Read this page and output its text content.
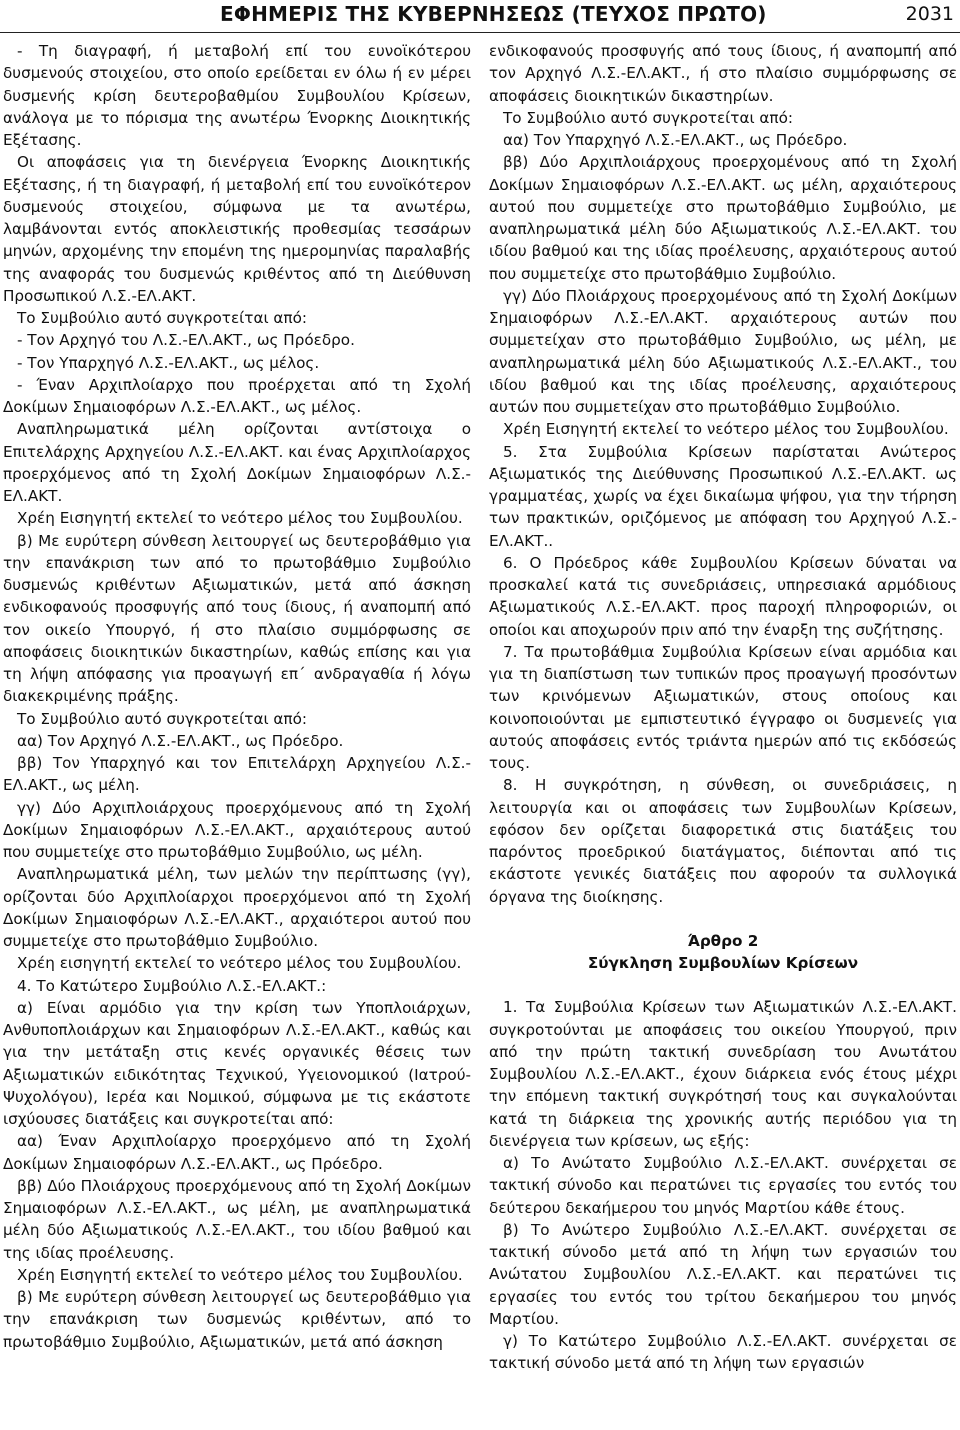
ΕΦΗΜΕΡΙΣ ΤΗΣ ΚΥΒΕΡΝΗΣΕΩΣ (ΤΕΥΧΟΣ ΠΡΩΤΟ)	2031

- Τη διαγραφή, ή μεταβολή επί του ευνοϊκότερου δυσμενούς στοιχείου, στο οποίο ερείδεται εν όλω ή εν μέρει δυσμενής κρίση δευτεροβαθμίου Συμβουλίου Κρίσεων, ανάλογα με το πόρισμα της ανωτέρω Ένορκης Διοικητικής Εξέτασης.

Οι αποφάσεις για τη διενέργεια Ένορκης Διοικητικής Εξέτασης, ή τη διαγραφή, ή μεταβολή επί του ευνοϊκότερον δυσμενούς στοιχείου, σύμφωνα με τα ανωτέρω, λαμβάνονται εντός αποκλειστικής προθεσμίας τεσσάρων μηνών, αρχομένης την επομένη της ημερομηνίας παραλαβής της αναφοράς του δυσμενώς κριθέντος από τη Διεύθυνση Προσωπικού Λ.Σ.-ΕΛ.ΑΚΤ.

Το Συμβούλιο αυτό συγκροτείται από:

- Τον Αρχηγό του Λ.Σ.-ΕΛ.ΑΚΤ., ως Πρόεδρο.

- Τον Υπαρχηγό Λ.Σ.-ΕΛ.ΑΚΤ., ως μέλος.

- Έναν Αρχιπλοίαρχο που προέρχεται από τη Σχολή Δοκίμων Σημαιοφόρων Λ.Σ.-ΕΛ.ΑΚΤ., ως μέλος.

Αναπληρωματικά μέλη ορίζονται αντίστοιχα ο Επιτελάρχης Αρχηγείου Λ.Σ.-ΕΛ.ΑΚΤ. και ένας Αρχιπλοίαρχος προερχόμενος από τη Σχολή Δοκίμων Σημαιοφόρων Λ.Σ.-ΕΛ.ΑΚΤ.

Χρέη Εισηγητή εκτελεί το νεότερο μέλος του Συμβουλίου.

β) Με ευρύτερη σύνθεση λειτουργεί ως δευτεροβάθμιο για την επανάκριση των από το πρωτοβάθμιο Συμβούλιο δυσμενώς κριθέντων Αξιωματικών, μετά από άσκηση ενδικοφανούς προσφυγής από τους ίδιους, ή αναπομπή από τον οικείο Υπουργό, ή στο πλαίσιο συμμόρφωσης σε αποφάσεις διοικητικών δικαστηρίων, καθώς επίσης και για τη λήψη απόφασης για προαγωγή επ΄ ανδραγαθία ή λόγω διακεκριμένης πράξης.

Το Συμβούλιο αυτό συγκροτείται από:

αα) Τον Αρχηγό Λ.Σ.-ΕΛ.ΑΚΤ., ως Πρόεδρο.

ββ) Τον Υπαρχηγό και τον Επιτελάρχη Αρχηγείου Λ.Σ.-ΕΛ.ΑΚΤ., ως μέλη.

γγ) Δύο Αρχιπλοιάρχους προερχόμενους από τη Σχολή Δοκίμων Σημαιοφόρων Λ.Σ.-ΕΛ.ΑΚΤ., αρχαιότερους αυτού που συμμετείχε στο πρωτοβάθμιο Συμβούλιο, ως μέλη.

Αναπληρωματικά μέλη, των μελών την περίπτωσης (γγ), ορίζονται δύο Αρχιπλοίαρχοι προερχόμενοι από τη Σχολή Δοκίμων Σημαιοφόρων Λ.Σ.-ΕΛ.ΑΚΤ., αρχαιότεροι αυτού που συμμετείχε στο πρωτοβάθμιο Συμβούλιο.

Χρέη εισηγητή εκτελεί το νεότερο μέλος του Συμβουλίου.

4. Το Κατώτερο Συμβούλιο Λ.Σ.-ΕΛ.ΑΚΤ.:

α) Είναι αρμόδιο για την κρίση των Υποπλοιάρχων, Ανθυποπλοιάρχων και Σημαιοφόρων Λ.Σ.-ΕΛ.ΑΚΤ., καθώς και για την μετάταξη στις κενές οργανικές θέσεις των Αξιωματικών ειδικότητας Τεχνικού, Υγειονομικού (Ιατρού-Ψυχολόγου), Ιερέα και Νομικού, σύμφωνα με τις εκάστοτε ισχύουσες διατάξεις και συγκροτείται από:

αα) Έναν Αρχιπλοίαρχο προερχόμενο από τη Σχολή Δοκίμων Σημαιοφόρων Λ.Σ.-ΕΛ.ΑΚΤ., ως Πρόεδρο.

ββ) Δύο Πλοιάρχους προερχόμενους από τη Σχολή Δοκίμων Σημαιοφόρων Λ.Σ.-ΕΛ.ΑΚΤ., ως μέλη, με αναπληρωματικά μέλη δύο Αξιωματικούς Λ.Σ.-ΕΛ.ΑΚΤ., του ιδίου βαθμού και της ιδίας προέλευσης.

Χρέη Εισηγητή εκτελεί το νεότερο μέλος του Συμβουλίου.

β) Με ευρύτερη σύνθεση λειτουργεί ως δευτεροβάθμιο για την επανάκριση των δυσμενώς κριθέντων, από το πρωτοβάθμιο Συμβούλιο, Αξιωματικών, μετά από άσκηση

ενδικοφανούς προσφυγής από τους ίδιους, ή αναπομπή από τον Αρχηγό Λ.Σ.-ΕΛ.ΑΚΤ., ή στο πλαίσιο συμμόρφωσης σε αποφάσεις διοικητικών δικαστηρίων.

Το Συμβούλιο αυτό συγκροτείται από:

αα) Τον Υπαρχηγό Λ.Σ.-ΕΛ.ΑΚΤ., ως Πρόεδρο.

ββ) Δύο Αρχιπλοιάρχους προερχομένους από τη Σχολή Δοκίμων Σημαιοφόρων Λ.Σ.-ΕΛ.ΑΚΤ. ως μέλη, αρχαιότερους αυτού που συμμετείχε στο πρωτοβάθμιο Συμβούλιο, με αναπληρωματικά μέλη δύο Αξιωματικούς Λ.Σ.-ΕΛ.ΑΚΤ. του ιδίου βαθμού και της ιδίας προέλευσης, αρχαιότερους αυτού που συμμετείχε στο πρωτοβάθμιο Συμβούλιο.

γγ) Δύο Πλοιάρχους προερχομένους από τη Σχολή Δοκίμων Σημαιοφόρων Λ.Σ.-ΕΛ.ΑΚΤ. αρχαιότερους αυτών που συμμετείχαν στο πρωτοβάθμιο Συμβούλιο, ως μέλη, με αναπληρωματικά μέλη δύο Αξιωματικούς Λ.Σ.-ΕΛ.ΑΚΤ., του ιδίου βαθμού και της ιδίας προέλευσης, αρχαιότερους αυτών που συμμετείχαν στο πρωτοβάθμιο Συμβούλιο.

Χρέη Εισηγητή εκτελεί το νεότερο μέλος του Συμβουλίου.

5. Στα Συμβούλια Κρίσεων παρίσταται Ανώτερος Αξιωματικός της Διεύθυνσης Προσωπικού Λ.Σ.-ΕΛ.ΑΚΤ. ως γραμματέας, χωρίς να έχει δικαίωμα ψήφου, για την τήρηση των πρακτικών, οριζόμενος με απόφαση του Αρχηγού Λ.Σ.-ΕΛ.ΑΚΤ..

6. Ο Πρόεδρος κάθε Συμβουλίου Κρίσεων δύναται να προσκαλεί κατά τις συνεδριάσεις, υπηρεσιακά αρμόδιους Αξιωματικούς Λ.Σ.-ΕΛ.ΑΚΤ. προς παροχή πληροφοριών, οι οποίοι και αποχωρούν πριν από την έναρξη της συζήτησης.

7. Τα πρωτοβάθμια Συμβούλια Κρίσεων είναι αρμόδια και για τη διαπίστωση των τυπικών προς προαγωγή προσόντων των κρινόμενων Αξιωματικών, στους οποίους και κοινοποιούνται με εμπιστευτικό έγγραφο οι δυσμενείς για αυτούς αποφάσεις εντός τριάντα ημερών από τις εκδόσεώς τους.

8. Η συγκρότηση, η σύνθεση, οι συνεδριάσεις, η λειτουργία και οι αποφάσεις των Συμβουλίων Κρίσεων, εφόσον δεν ορίζεται διαφορετικά στις διατάξεις του παρόντος προεδρικού διατάγματος, διέπονται από τις εκάστοτε γενικές διατάξεις που αφορούν τα συλλογικά όργανα της διοίκησης.

Άρθρο 2

Σύγκληση Συμβουλίων Κρίσεων

1. Τα Συμβούλια Κρίσεων των Αξιωματικών Λ.Σ.-ΕΛ.ΑΚΤ. συγκροτούνται με αποφάσεις του οικείου Υπουργού, πριν από την πρώτη τακτική συνεδρίαση του Ανωτάτου Συμβουλίου Λ.Σ.-ΕΛ.ΑΚΤ., έχουν διάρκεια ενός έτους μέχρι την επόμενη τακτική συγκρότησή τους και συγκαλούνται κατά τη διάρκεια της χρονικής αυτής περιόδου για τη διενέργεια των κρίσεων, ως εξής:

α) Το Ανώτατο Συμβούλιο Λ.Σ.-ΕΛ.ΑΚΤ. συνέρχεται σε τακτική σύνοδο και περατώνει τις εργασίες του εντός του δεύτερου δεκαήμερου του μηνός Μαρτίου κάθε έτους.

β) Το Ανώτερο Συμβούλιο Λ.Σ.-ΕΛ.ΑΚΤ. συνέρχεται σε τακτική σύνοδο μετά από τη λήψη των εργασιών του Ανώτατου Συμβουλίου Λ.Σ.-ΕΛ.ΑΚΤ. και περατώνει τις εργασίες του εντός του τρίτου δεκαήμερου του μηνός Μαρτίου.

γ) Το Κατώτερο Συμβούλιο Λ.Σ.-ΕΛ.ΑΚΤ. συνέρχεται σε τακτική σύνοδο μετά από τη λήψη των εργασιών
